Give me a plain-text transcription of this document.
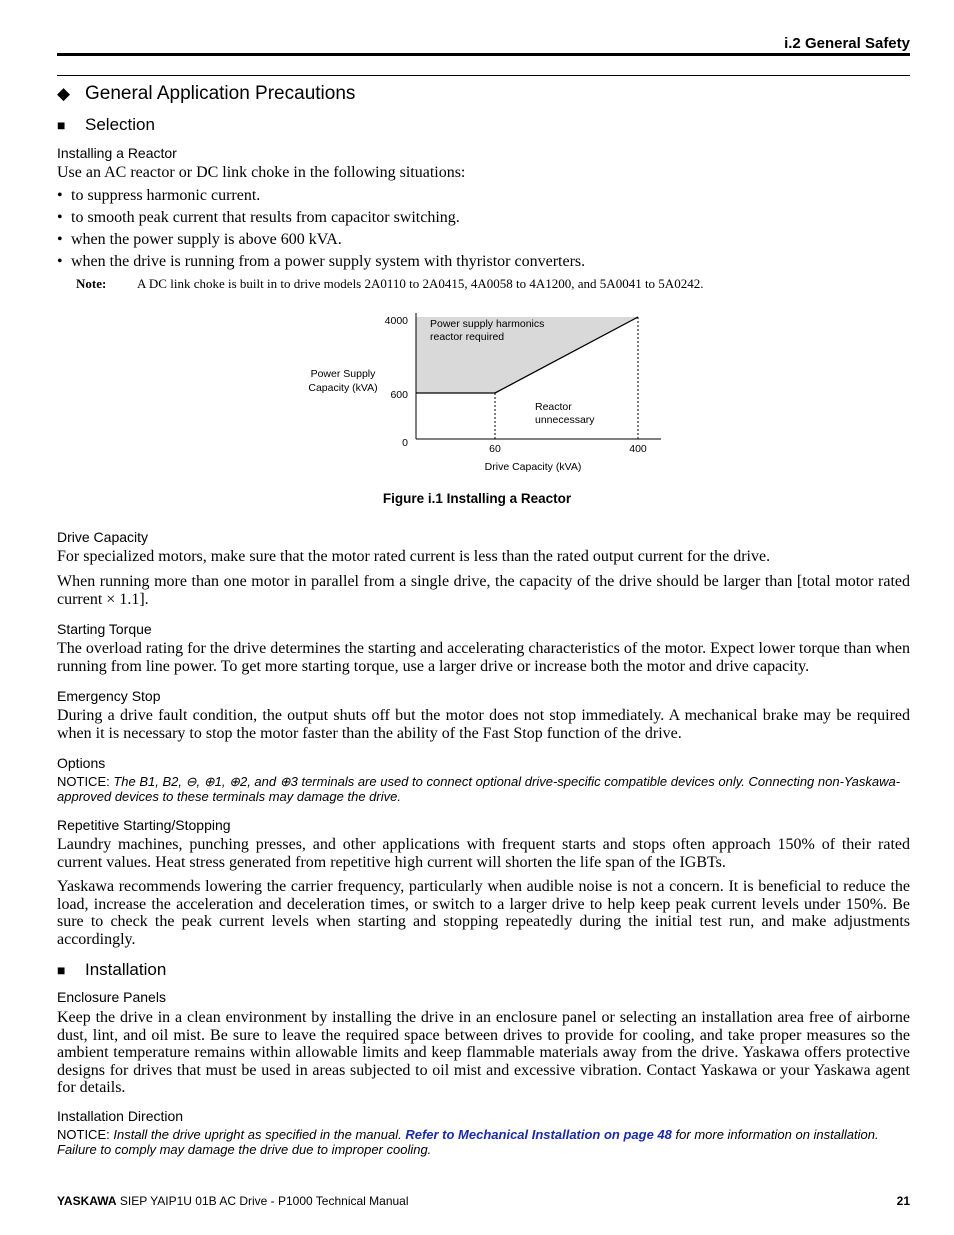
i.2 General Safety
◆ General Application Precautions
■	Selection
Installing a Reactor
Use an AC reactor or DC link choke in the following situations:
• to suppress harmonic current.
• to smooth peak current that results from capacitor switching.
• when the power supply is above 600 kVA.
• when the drive is running from a power supply system with thyristor converters.
Note:	A DC link choke is built in to drive models 2A0110 to 2A0415, 4A0058 to 4A1200, and 5A0041 to 5A0242.
4000
600
0	60	400
Power Supply
Capacity (kVA)
Drive Capacity (kVA)
Power supply harmonics
reactor required
Reactor
unnecessary
Figure i.1 Installing a Reactor
Drive Capacity
For specialized motors, make sure that the motor rated current is less than the rated output current for the drive.
When running more than one motor in parallel from a single drive, the capacity of the drive should be larger than [total motor rated current × 1.1].
Starting Torque
The overload rating for the drive determines the starting and accelerating characteristics of the motor. Expect lower torque than when running from line power. To get more starting torque, use a larger drive or increase both the motor and drive capacity.
Emergency Stop
During a drive fault condition, the output shuts off but the motor does not stop immediately. A mechanical brake may be required when it is necessary to stop the motor faster than the ability of the Fast Stop function of the drive.
Options
NOTICE: The B1, B2, ⊖, ⊕1, ⊕2, and ⊕3 terminals are used to connect optional drive-specific compatible devices only. Connecting non-Yaskawa-approved devices to these terminals may damage the drive.
Repetitive Starting/Stopping
Laundry machines, punching presses, and other applications with frequent starts and stops often approach 150% of their rated current values. Heat stress generated from repetitive high current will shorten the life span of the IGBTs.
Yaskawa recommends lowering the carrier frequency, particularly when audible noise is not a concern. It is beneficial to reduce the load, increase the acceleration and deceleration times, or switch to a larger drive to help keep peak current levels under 150%. Be sure to check the peak current levels when starting and stopping repeatedly during the initial test run, and make adjustments accordingly.
■	Installation
Enclosure Panels
Keep the drive in a clean environment by installing the drive in an enclosure panel or selecting an installation area free of airborne dust, lint, and oil mist. Be sure to leave the required space between drives to provide for cooling, and take proper measures so the ambient temperature remains within allowable limits and keep flammable materials away from the drive. Yaskawa offers protective designs for drives that must be used in areas subjected to oil mist and excessive vibration. Contact Yaskawa or your Yaskawa agent for details.
Installation Direction
NOTICE: Install the drive upright as specified in the manual. Refer to Mechanical Installation on page 48 for more information on installation. Failure to comply may damage the drive due to improper cooling.
YASKAWA SIEP YAIP1U 01B AC Drive - P1000 Technical Manual	21
